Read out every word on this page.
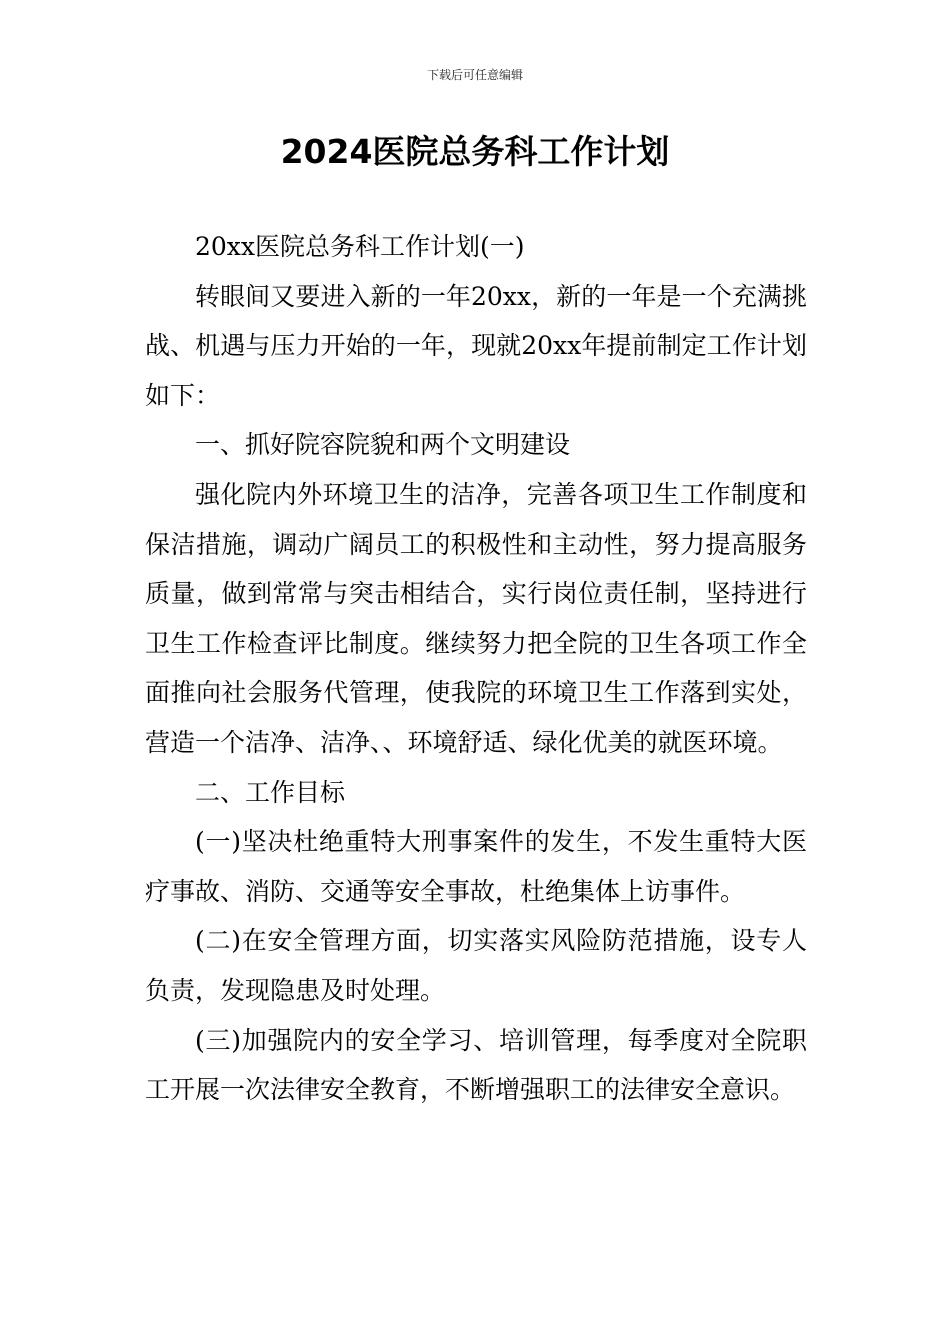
下载后可任意编辑
2024医院总务科工作计划

20xx医院总务科工作计划(一)

转眼间又要进入新的一年20xx，新的一年是一个充满挑战、机遇与压力开始的一年，现就20xx年提前制定工作计划如下：

一、抓好院容院貌和两个文明建设

强化院内外环境卫生的洁净，完善各项卫生工作制度和保洁措施，调动广阔员工的积极性和主动性，努力提高服务质量，做到常常与突击相结合，实行岗位责任制，坚持进行卫生工作检查评比制度。继续努力把全院的卫生各项工作全面推向社会服务代管理，使我院的环境卫生工作落到实处，营造一个洁净、洁净、、环境舒适、绿化优美的就医环境。

二、工作目标

(一)坚决杜绝重特大刑事案件的发生，不发生重特大医疗事故、消防、交通等安全事故，杜绝集体上访事件。

(二)在安全管理方面，切实落实风险防范措施，设专人负责，发现隐患及时处理。

(三)加强院内的安全学习、培训管理，每季度对全院职工开展一次法律安全教育，不断增强职工的法律安全意识。
